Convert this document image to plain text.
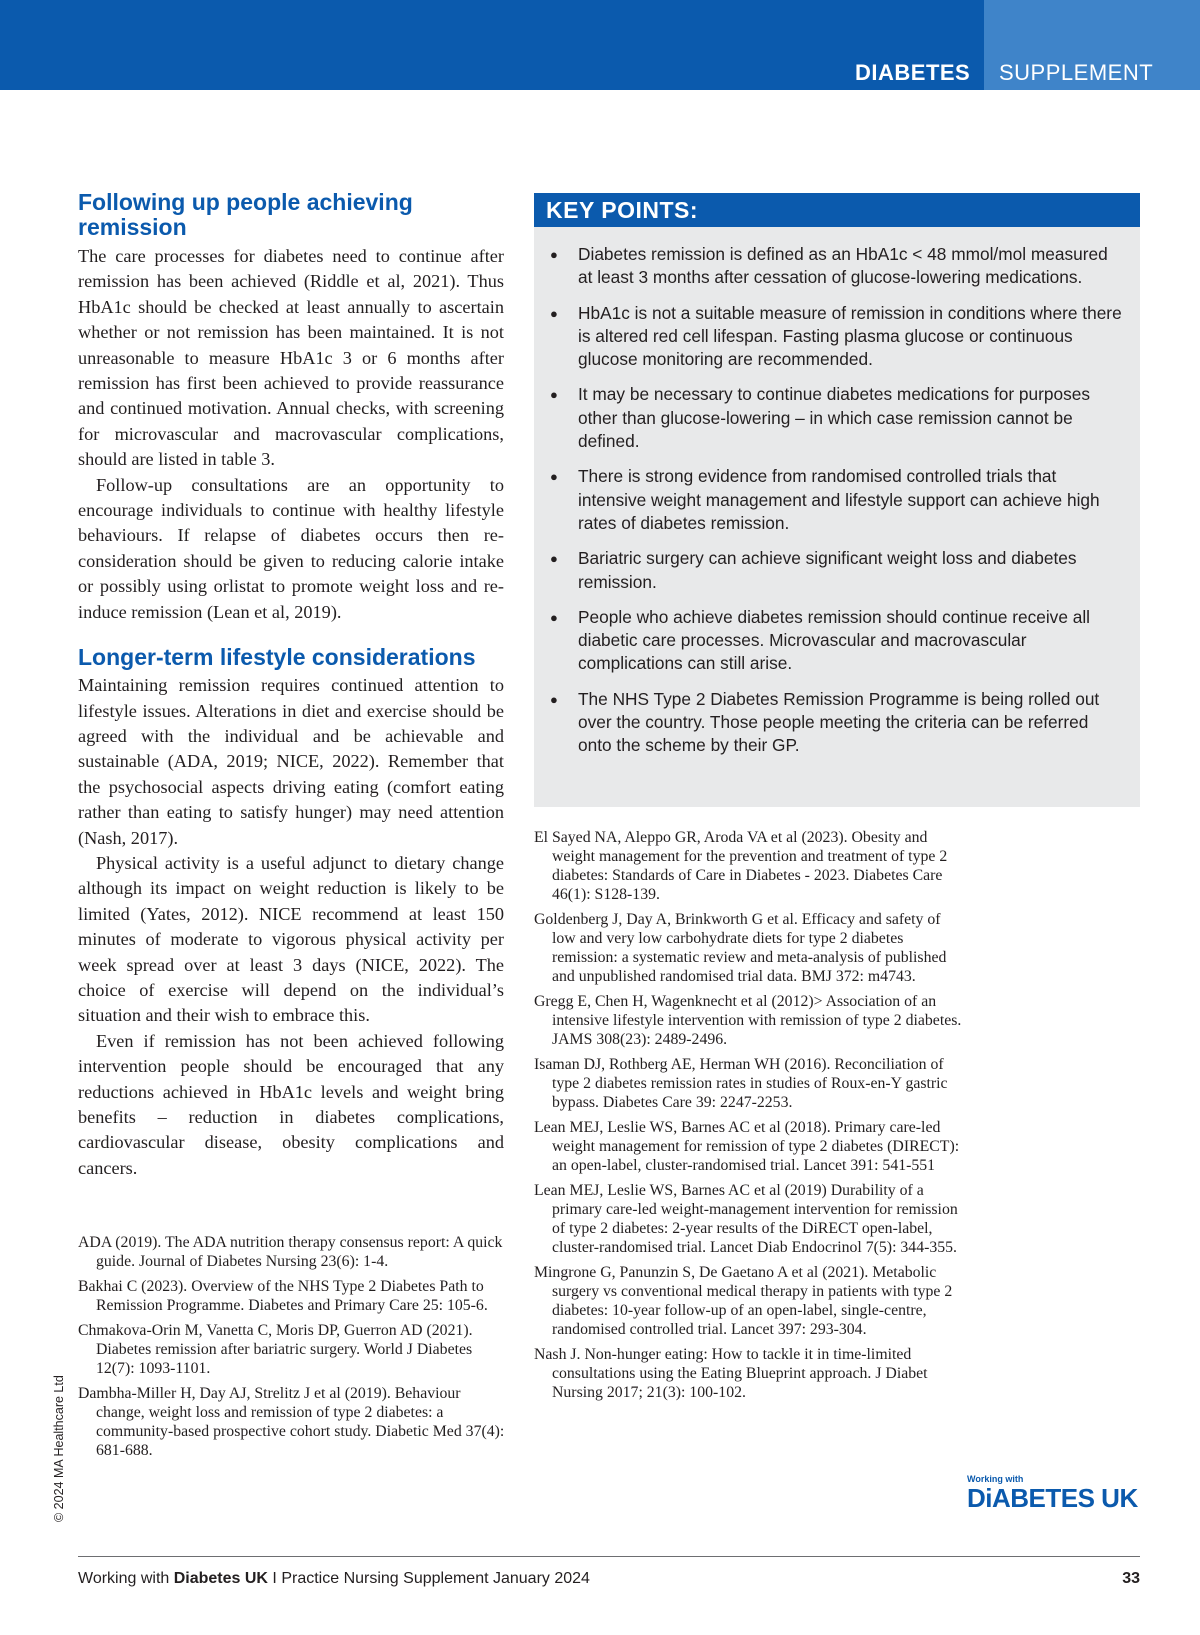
DIABETES SUPPLEMENT
Following up people achieving remission

The care processes for diabetes need to continue after remission has been achieved (Riddle et al, 2021). Thus HbA1c should be checked at least annually to ascertain whether or not remission has been maintained. It is not unreasonable to measure HbA1c 3 or 6 months after remission has first been achieved to provide reassurance and continued motivation. Annual checks, with screening for microvascular and macrovascular complications, should are listed in table 3.

Follow-up consultations are an opportunity to encourage individuals to continue with healthy lifestyle behaviours. If relapse of diabetes occurs then re-consideration should be given to reducing calorie intake or possibly using orlistat to promote weight loss and re-induce remission (Lean et al, 2019).

Longer-term lifestyle considerations

Maintaining remission requires continued attention to lifestyle issues. Alterations in diet and exercise should be agreed with the individual and be achievable and sustainable (ADA, 2019; NICE, 2022). Remember that the psychosocial aspects driving eating (comfort eating rather than eating to satisfy hunger) may need attention (Nash, 2017).

Physical activity is a useful adjunct to dietary change although its impact on weight reduction is likely to be limited (Yates, 2012). NICE recommend at least 150 minutes of moderate to vigorous physical activity per week spread over at least 3 days (NICE, 2022). The choice of exercise will depend on the individual’s situation and their wish to embrace this.

Even if remission has not been achieved following intervention people should be encouraged that any reductions achieved in HbA1c levels and weight bring benefits – reduction in diabetes complications, cardiovascular disease, obesity complications and cancers.

ADA (2019). The ADA nutrition therapy consensus report: A quick guide. Journal of Diabetes Nursing 23(6): 1-4.

Bakhai C (2023). Overview of the NHS Type 2 Diabetes Path to Remission Programme. Diabetes and Primary Care 25: 105-6.

Chmakova-Orin M, Vanetta C, Moris DP, Guerron AD (2021). Diabetes remission after bariatric surgery. World J Diabetes 12(7): 1093-1101.

Dambha-Miller H, Day AJ, Strelitz J et al (2019). Behaviour change, weight loss and remission of type 2 diabetes: a community-based prospective cohort study. Diabetic Med 37(4): 681-688.

KEY POINTS:
● Diabetes remission is defined as an HbA1c < 48 mmol/mol measured at least 3 months after cessation of glucose-lowering medications.
● HbA1c is not a suitable measure of remission in conditions where there is altered red cell lifespan. Fasting plasma glucose or continuous glucose monitoring are recommended.
● It may be necessary to continue diabetes medications for purposes other than glucose-lowering – in which case remission cannot be defined.
● There is strong evidence from randomised controlled trials that intensive weight management and lifestyle support can achieve high rates of diabetes remission.
● Bariatric surgery can achieve significant weight loss and diabetes remission.
● People who achieve diabetes remission should continue receive all diabetic care processes. Microvascular and macrovascular complications can still arise.
● The NHS Type 2 Diabetes Remission Programme is being rolled out over the country. Those people meeting the criteria can be referred onto the scheme by their GP.

El Sayed NA, Aleppo GR, Aroda VA et al (2023). Obesity and weight management for the prevention and treatment of type 2 diabetes: Standards of Care in Diabetes - 2023. Diabetes Care 46(1): S128-139.

Goldenberg J, Day A, Brinkworth G et al. Efficacy and safety of low and very low carbohydrate diets for type 2 diabetes remission: a systematic review and meta-analysis of published and unpublished randomised trial data. BMJ 372: m4743.

Gregg E, Chen H, Wagenknecht et al (2012)> Association of an intensive lifestyle intervention with remission of type 2 diabetes. JAMS 308(23): 2489-2496.

Isaman DJ, Rothberg AE, Herman WH (2016). Reconciliation of type 2 diabetes remission rates in studies of Roux-en-Y gastric bypass. Diabetes Care 39: 2247-2253.

Lean MEJ, Leslie WS, Barnes AC et al (2018). Primary care-led weight management for remission of type 2 diabetes (DIRECT): an open-label, cluster-randomised trial. Lancet 391: 541-551

Lean MEJ, Leslie WS, Barnes AC et al (2019) Durability of a primary care-led weight-management intervention for remission of type 2 diabetes: 2-year results of the DiRECT open-label, cluster-randomised trial. Lancet Diab Endocrinol 7(5): 344-355.

Mingrone G, Panunzin S, De Gaetano A et al (2021). Metabolic surgery vs conventional medical therapy in patients with type 2 diabetes: 10-year follow-up of an open-label, single-centre, randomised controlled trial. Lancet 397: 293-304.

Nash J. Non-hunger eating: How to tackle it in time-limited consultations using the Eating Blueprint approach. J Diabet Nursing 2017; 21(3): 100-102.

Working with
DiABETES UK
© 2024 MA Healthcare Ltd
Working with Diabetes UK I Practice Nursing Supplement January 2024	33
